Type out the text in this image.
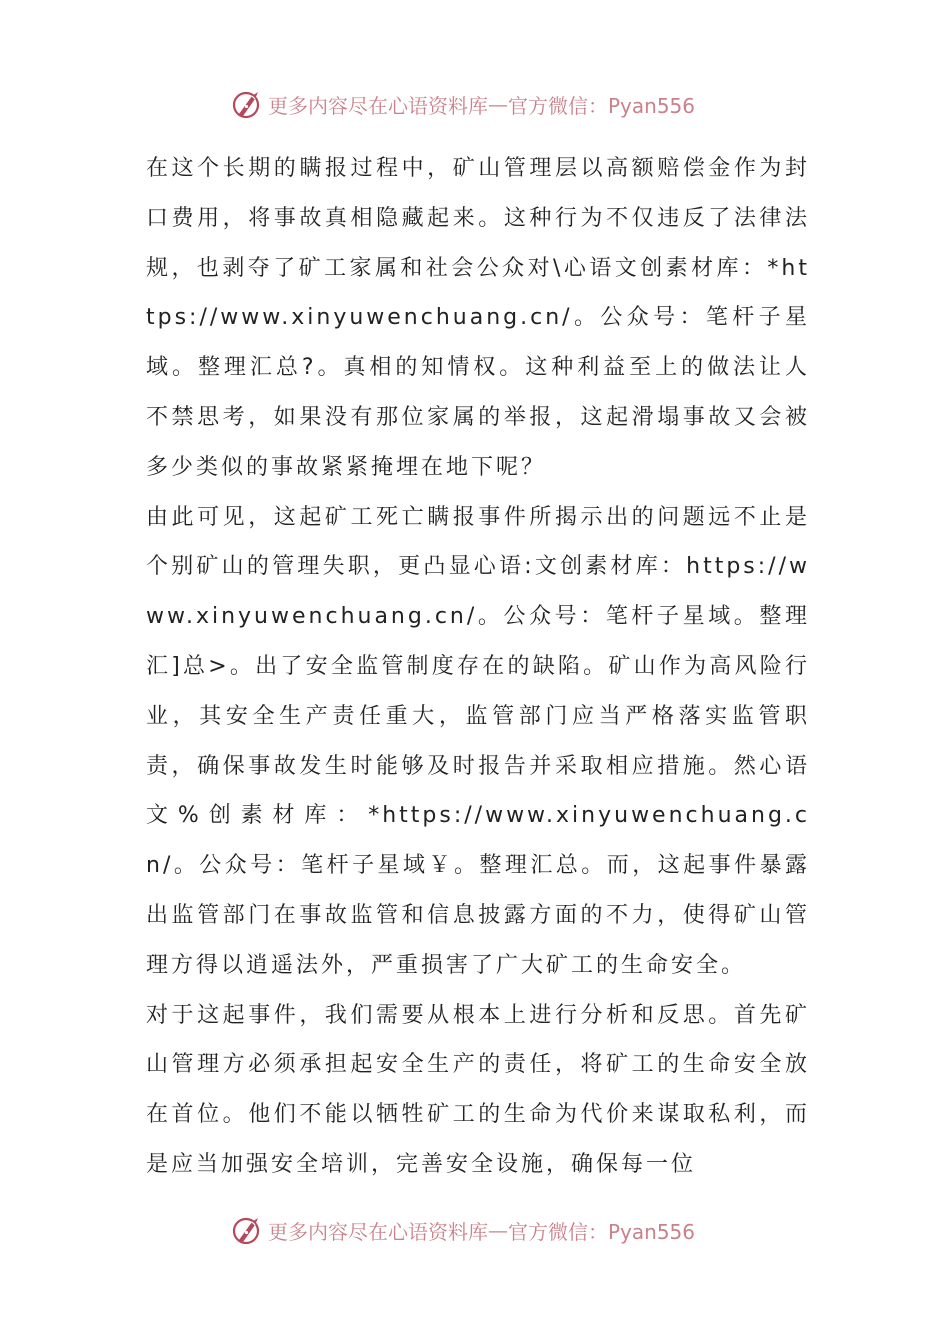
更多内容尽在心语资料库 — 官方微信：Pyan556

在这个长期的瞒报过程中，矿山管理层以高额赔偿金作为封口费用，将事故真相隐藏起来。这种行为不仅违反了法律法规，也剥夺了矿工家属和社会公众对\心语文创素材库：*https://www.xinyuwenchuang.cn/。公众号：笔杆子星域。整理汇总?。真相的知情权。这种利益至上的做法让人不禁思考，如果没有那位家属的举报，这起滑塌事故又会被多少类似的事故紧紧掩埋在地下呢？

由此可见，这起矿工死亡瞒报事件所揭示出的问题远不止是个别矿山的管理失职，更凸显心语:文创素材库：https://www.xinyuwenchuang.cn/。公众号：笔杆子星域。整理汇]总>。出了安全监管制度存在的缺陷。矿山作为高风险行业，其安全生产责任重大，监管部门应当严格落实监管职责，确保事故发生时能够及时报告并采取相应措施。然心语文%创素材库：*https://www.xinyuwenchuang.cn/。公众号：笔杆子星域￥。整理汇总。而，这起事件暴露出监管部门在事故监管和信息披露方面的不力，使得矿山管理方得以逍遥法外，严重损害了广大矿工的生命安全。

对于这起事件，我们需要从根本上进行分析和反思。首先矿山管理方必须承担起安全生产的责任，将矿工的生命安全放在首位。他们不能以牺牲矿工的生命为代价来谋取私利，而是应当加强安全培训，完善安全设施，确保每一位

更多内容尽在心语资料库 — 官方微信：Pyan556
